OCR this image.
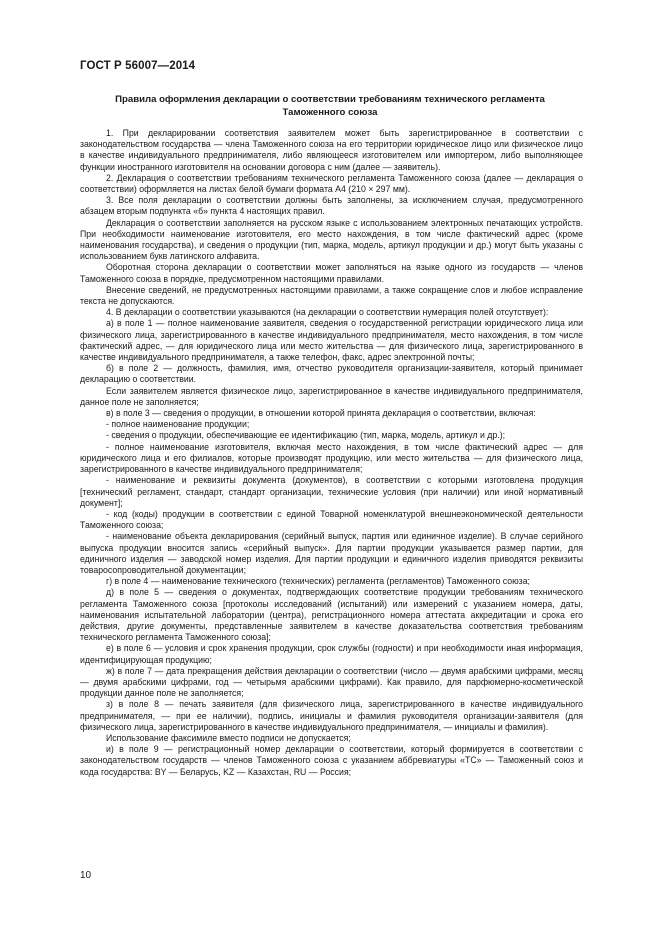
ГОСТ Р 56007—2014
Правила оформления декларации о соответствии требованиям технического регламента
Таможенного союза

1. При декларировании соответствия заявителем может быть зарегистрированное в соответствии с законодательством государства — члена Таможенного союза на его территории юридическое лицо или физическое лицо в качестве индивидуального предпринимателя, либо являющееся изготовителем или импортером, либо выполняющее функции иностранного изготовителя на основании договора с ним (далее — заявитель).

2. Декларация о соответствии требованиям технического регламента Таможенного союза (далее — декларация о соответствии) оформляется на листах белой бумаги формата А4 (210 × 297 мм).

3. Все поля декларации о соответствии должны быть заполнены, за исключением случая, предусмотренного абзацем вторым подпункта «б» пункта 4 настоящих правил.

Декларация о соответствии заполняется на русском языке с использованием электронных печатающих устройств. При необходимости наименование изготовителя, его место нахождения, в том числе фактический адрес (кроме наименования государства), и сведения о продукции (тип, марка, модель, артикул продукции и др.) могут быть указаны с использованием букв латинского алфавита.

Оборотная сторона декларации о соответствии может заполняться на языке одного из государств — членов Таможенного союза в порядке, предусмотренном настоящими правилами.

Внесение сведений, не предусмотренных настоящими правилами, а также сокращение слов и любое исправление текста не допускаются.

4. В декларации о соответствии указываются (на декларации о соответствии нумерация полей отсутствует):

а) в поле 1 — полное наименование заявителя, сведения о государственной регистрации юридического лица или физического лица, зарегистрированного в качестве индивидуального предпринимателя, место нахождения, в том числе фактический адрес, — для юридического лица или место жительства — для физического лица, зарегистрированного в качестве индивидуального предпринимателя, а также телефон, факс, адрес электронной почты;

б) в поле 2 — должность, фамилия, имя, отчество руководителя организации-заявителя, который принимает декларацию о соответствии.

Если заявителем является физическое лицо, зарегистрированное в качестве индивидуального предпринимателя, данное поле не заполняется;

в) в поле 3 — сведения о продукции, в отношении которой принята декларация о соответствии, включая:

- полное наименование продукции;

- сведения о продукции, обеспечивающие ее идентификацию (тип, марка, модель, артикул и др.);

- полное наименование изготовителя, включая место нахождения, в том числе фактический адрес — для юридического лица и его филиалов, которые производят продукцию, или место жительства — для физического лица, зарегистрированного в качестве индивидуального предпринимателя;

- наименование и реквизиты документа (документов), в соответствии с которыми изготовлена продукция [технический регламент, стандарт, стандарт организации, технические условия (при наличии) или иной нормативный документ];

- код (коды) продукции в соответствии с единой Товарной номенклатурой внешнеэкономической деятельности Таможенного союза;

- наименование объекта декларирования (серийный выпуск, партия или единичное изделие). В случае серийного выпуска продукции вносится запись «серийный выпуск». Для партии продукции указывается размер партии, для единичного изделия — заводской номер изделия. Для партии продукции и единичного изделия приводятся реквизиты товаросопроводительной документации;

г) в поле 4 — наименование технического (технических) регламента (регламентов) Таможенного союза;

д) в поле 5 — сведения о документах, подтверждающих соответствие продукции требованиям технического регламента Таможенного союза [протоколы исследований (испытаний) или измерений с указанием номера, даты, наименования испытательной лаборатории (центра), регистрационного номера аттестата аккредитации и срока его действия, другие документы, представленные заявителем в качестве доказательства соответствия требованиям технического регламента Таможенного союза];

е) в поле 6 — условия и срок хранения продукции, срок службы (годности) и при необходимости иная информация, идентифицирующая продукцию;

ж) в поле 7 — дата прекращения действия декларации о соответствии (число — двумя арабскими цифрами, месяц — двумя арабскими цифрами, год — четырьмя арабскими цифрами). Как правило, для парфюмерно-косметической продукции данное поле не заполняется;

з) в поле 8 — печать заявителя (для физического лица, зарегистрированного в качестве индивидуального предпринимателя, — при ее наличии), подпись, инициалы и фамилия руководителя организации-заявителя (для физического лица, зарегистрированного в качестве индивидуального предпринимателя, — инициалы и фамилия).

Использование факсимиле вместо подписи не допускается;

и) в поле 9 — регистрационный номер декларации о соответствии, который формируется в соответствии с законодательством государств — членов Таможенного союза с указанием аббревиатуры «ТС» — Таможенный союз и кода государства: BY — Беларусь, KZ — Казахстан, RU — Россия;

10
